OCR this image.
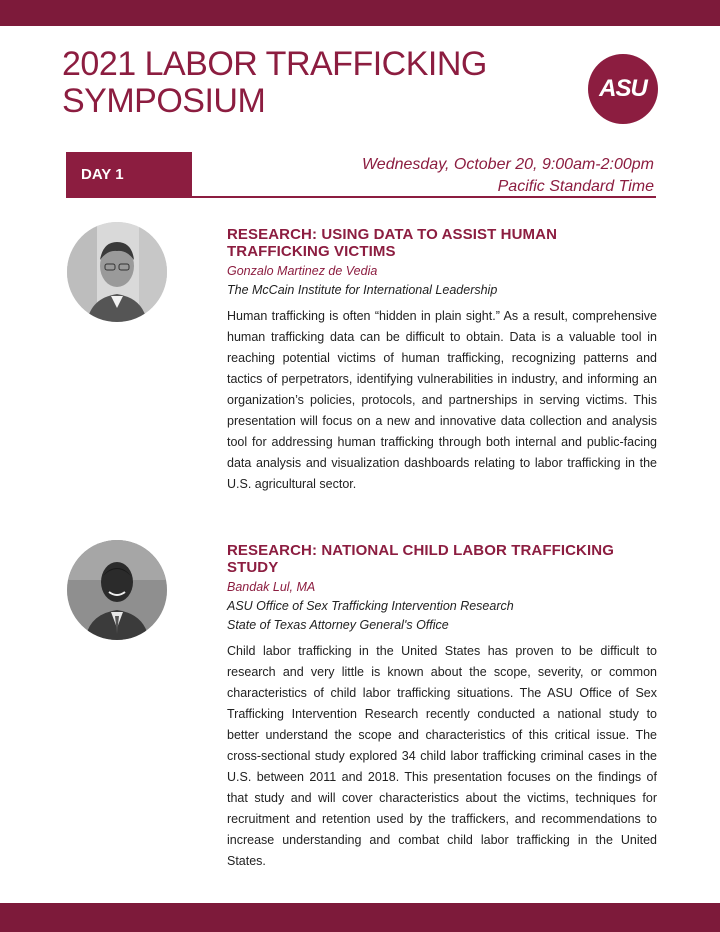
2021 LABOR TRAFFICKING
SYMPOSIUM	ASU
DAY 1
Wednesday, October 20, 9:00am-2:00pm
Pacific Standard Time
RESEARCH: USING DATA TO ASSIST HUMAN TRAFFICKING VICTIMS
Gonzalo Martinez de Vedia
The McCain Institute for International Leadership

Human trafficking is often “hidden in plain sight.” As a result, comprehensive human trafficking data can be difficult to obtain. Data is a valuable tool in reaching potential victims of human trafficking, recognizing patterns and tactics of perpetrators, identifying vulnerabilities in industry, and informing an organization’s policies, protocols, and partnerships in serving victims. This presentation will focus on a new and innovative data collection and analysis tool for addressing human trafficking through both internal and public-facing data analysis and visualization dashboards relating to labor trafficking in the U.S. agricultural sector.

RESEARCH: NATIONAL CHILD LABOR TRAFFICKING STUDY
Bandak Lul, MA
ASU Office of Sex Trafficking Intervention Research
State of Texas Attorney General's Office

Child labor trafficking in the United States has proven to be difficult to research and very little is known about the scope, severity, or common characteristics of child labor trafficking situations. The ASU Office of Sex Trafficking Intervention Research recently conducted a national study to better understand the scope and characteristics of this critical issue. The cross-sectional study explored 34 child labor trafficking criminal cases in the U.S. between 2011 and 2018. This presentation focuses on the findings of that study and will cover characteristics about the victims, techniques for recruitment and retention used by the traffickers, and recommendations to increase understanding and combat child labor trafficking in the United States.
